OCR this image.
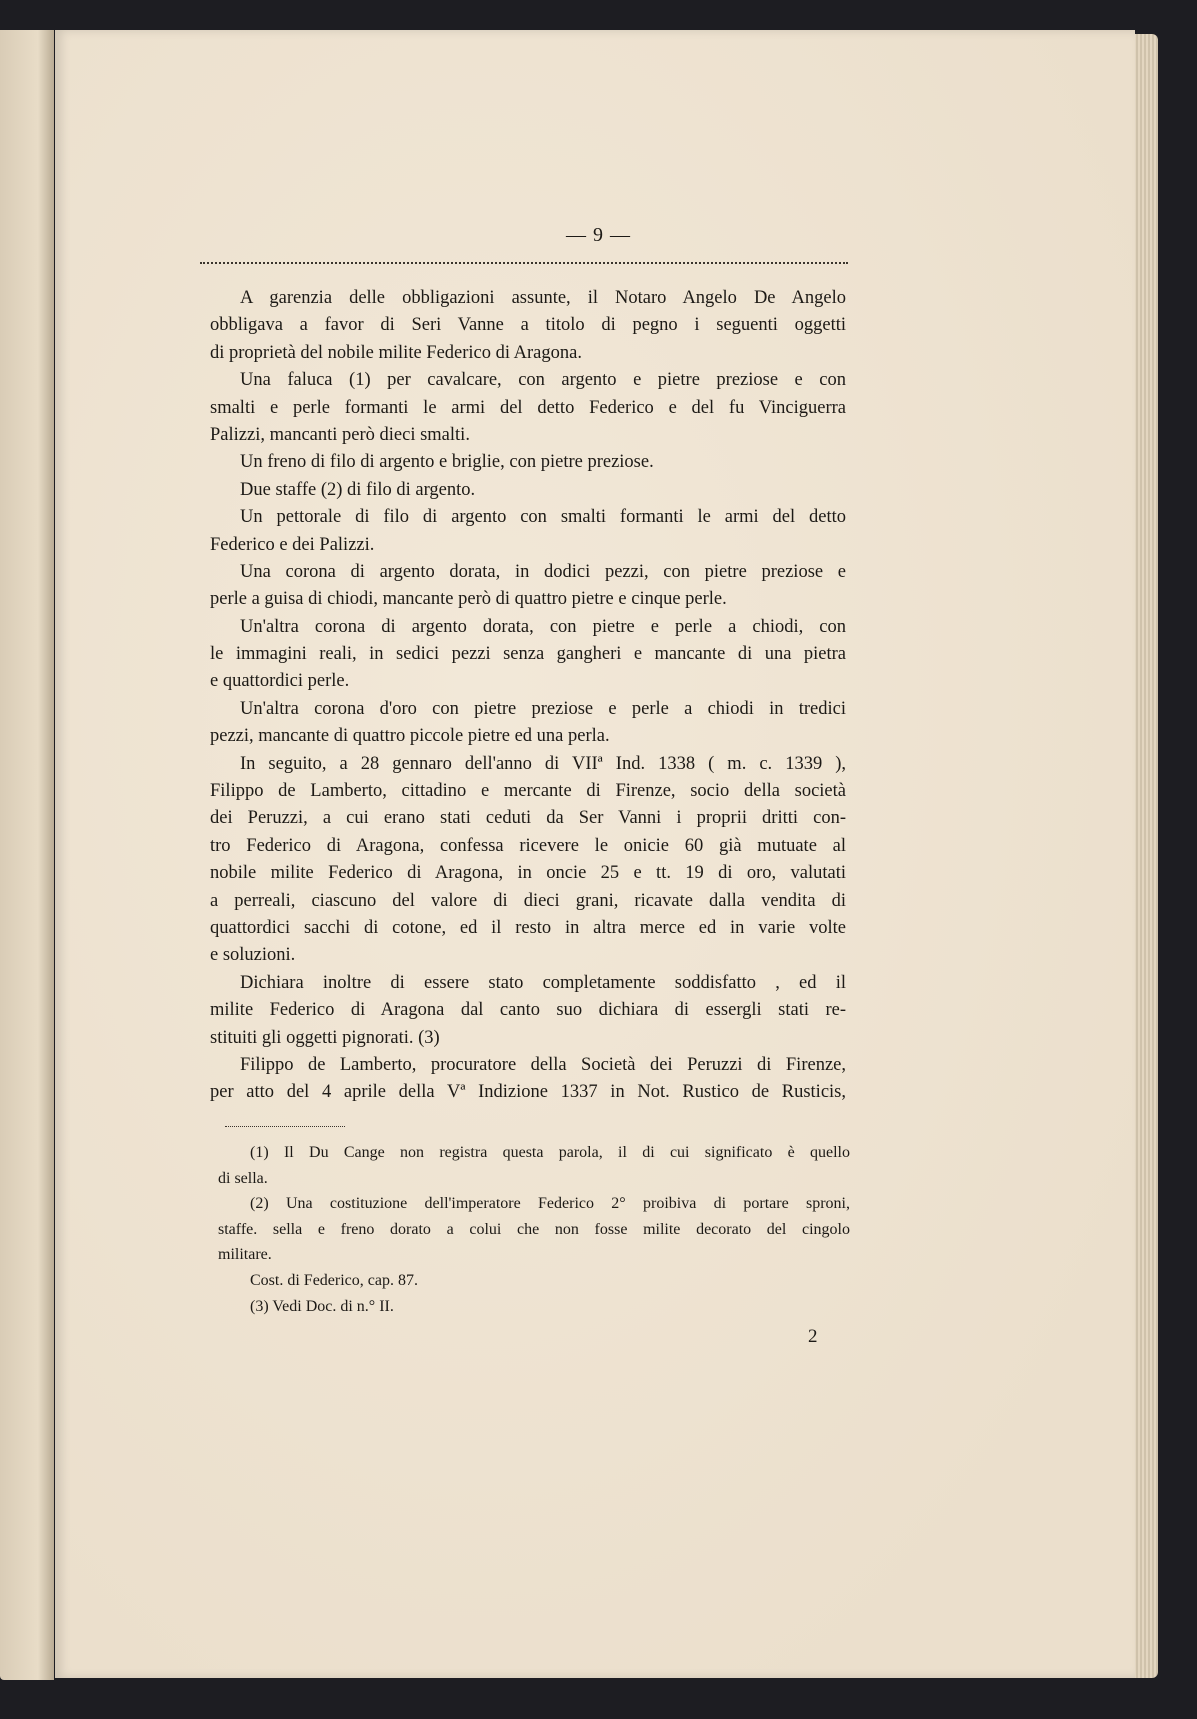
— 9 —
A garenzia delle obbligazioni assunte, il Notaro Angelo De Angelo
obbligava a favor di Seri Vanne a titolo di pegno i seguenti oggetti
di proprietà del nobile milite Federico di Aragona.
Una faluca (1) per cavalcare, con argento e pietre preziose e con
smalti e perle formanti le armi del detto Federico e del fu Vinciguerra
Palizzi, mancanti però dieci smalti.
Un freno di filo di argento e briglie, con pietre preziose.
Due staffe (2) di filo di argento.
Un pettorale di filo di argento con smalti formanti le armi del detto
Federico e dei Palizzi.
Una corona di argento dorata, in dodici pezzi, con pietre preziose e
perle a guisa di chiodi, mancante però di quattro pietre e cinque perle.
Un'altra corona di argento dorata, con pietre e perle a chiodi, con
le immagini reali, in sedici pezzi senza gangheri e mancante di una pietra
e quattordici perle.
Un'altra corona d'oro con pietre preziose e perle a chiodi in tredici
pezzi, mancante di quattro piccole pietre ed una perla.
In seguito, a 28 gennaro dell'anno di VIIª Ind. 1338 ( m. c. 1339 ),
Filippo de Lamberto, cittadino e mercante di Firenze, socio della società
dei Peruzzi, a cui erano stati ceduti da Ser Vanni i proprii dritti con-
tro Federico di Aragona, confessa ricevere le onicie 60 già mutuate al
nobile milite Federico di Aragona, in oncie 25 e tt. 19 di oro, valutati
a perreali, ciascuno del valore di dieci grani, ricavate dalla vendita di
quattordici sacchi di cotone, ed il resto in altra merce ed in varie volte
e soluzioni.
Dichiara inoltre di essere stato completamente soddisfatto , ed il
milite Federico di Aragona dal canto suo dichiara di essergli stati re-
stituiti gli oggetti pignorati. (3)
Filippo de Lamberto, procuratore della Società dei Peruzzi di Firenze,
per atto del 4 aprile della Vª Indizione 1337 in Not. Rustico de Rusticis,
(1) Il Du Cange non registra questa parola, il di cui significato è quello
di sella.
(2) Una costituzione dell'imperatore Federico 2° proibiva di portare sproni,
staffe. sella e freno dorato a colui che non fosse milite decorato del cingolo
militare.
Cost. di Federico, cap. 87.
(3) Vedi Doc. di n.° II.
2
